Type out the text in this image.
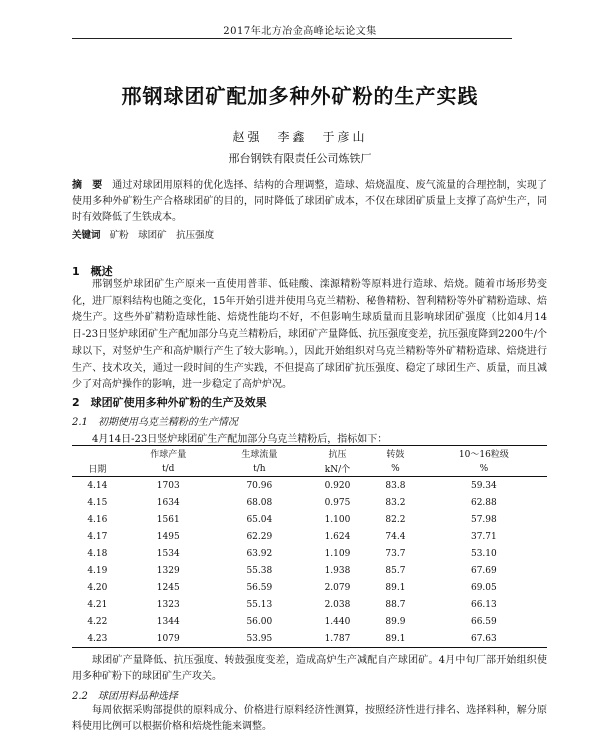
2017年北方冶金高峰论坛论文集
邢钢球团矿配加多种外矿粉的生产实践
赵强　李鑫　于彦山
邢台钢铁有限责任公司炼铁厂
摘　要 通过对球团用原料的优化选择、结构的合理调整，造球、焙烧温度、废气流量的合理控制，实现了使用多种外矿粉生产合格球团矿的目的，同时降低了球团矿成本，不仅在球团矿质量上支撑了高炉生产，同时有效降低了生铁成本。
关键词 矿粉　球团矿　抗压强度
1　概述
邢钢竖炉球团矿生产原来一直使用普菲、低硅酸、滦源精粉等原料进行造球、焙烧。随着市场形势变化，进厂原料结构也随之变化，15年开始引进并使用乌克兰精粉、秘鲁精粉、智利精粉等外矿精粉造球、焙烧生产。这些外矿精粉造球性能、焙烧性能均不好，不但影响生球质量而且影响球团矿强度（比如4月14日-23日竖炉球团矿生产配加部分乌克兰精粉后，球团矿产量降低、抗压强度变差，抗压强度降到2200牛/个球以下，对竖炉生产和高炉顺行产生了较大影响。），因此开始组织对乌克兰精粉等外矿精粉造球、焙烧进行生产、技术攻关，通过一段时间的生产实践，不但提高了球团矿抗压强度、稳定了球团生产、质量，而且减少了对高炉操作的影响，进一步稳定了高炉炉况。
2　球团矿使用多种外矿粉的生产及效果
2.1　初期使用乌克兰精粉的生产情况
4月14日-23日竖炉球团矿生产配加部分乌克兰精粉后，指标如下：
	作球产量	生球流量	抗压	转鼓	10～16粒级
日期	t/d	t/h	kN/个	%	%
4.14	1703	70.96	0.920	83.8	59.34
4.15	1634	68.08	0.975	83.2	62.88
4.16	1561	65.04	1.100	82.2	57.98
4.17	1495	62.29	1.624	74.4	37.71
4.18	1534	63.92	1.109	73.7	53.10
4.19	1329	55.38	1.938	85.7	67.69
4.20	1245	56.59	2.079	89.1	69.05
4.21	1323	55.13	2.038	88.7	66.13
4.22	1344	56.00	1.440	89.9	66.59
4.23	1079	53.95	1.787	89.1	67.63
球团矿产量降低、抗压强度、转鼓强度变差，造成高炉生产减配自产球团矿。4月中旬厂部开始组织使用多种矿粉下的球团矿生产攻关。
2.2　球团用料品种选择
每周依据采购部提供的原料成分、价格进行原料经济性测算，按照经济性进行排名、选择料种，解分原料使用比例可以根据价格和焙烧性能来调整。
